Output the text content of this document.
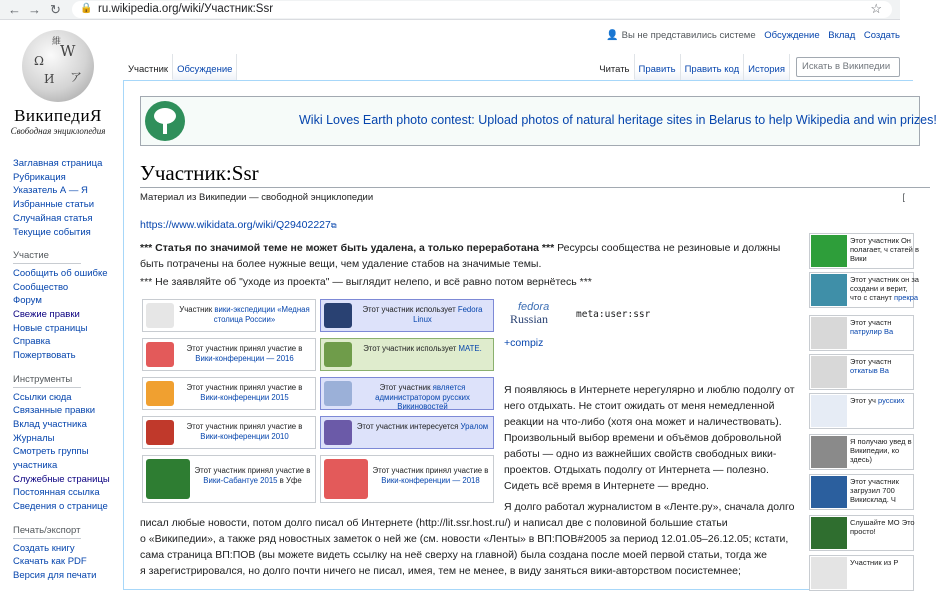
← → ↻ 🔒 ru.wikipedia.org/wiki/Участник:Ssr	☆
Ω
W
И ア
維
ВикипедиЯ
Свободная энциклопедия
Заглавная страница
Рубрикация
Указатель А — Я
Избранные статьи
Случайная статья
Текущие события
Участие
Сообщить об ошибке
Сообщество
Форум
Свежие правки
Новые страницы
Справка
Пожертвовать
Инструменты
Ссылки сюда
Связанные правки
Вклад участника
Журналы
Смотреть группы
участника
Служебные страницы
Постоянная ссылка
Сведения о странице
Печать/экспорт
Создать книгу
Скачать как PDF
Версия для печати
👤 Вы не представились системе Обсуждение Вклад Создать
Участник Обсуждение	Читать Править Править код История	Искать в Википедии
Wiki Loves Earth photo contest: Upload photos of natural heritage sites in Belarus to help Wikipedia and win prizes!
Участник:Ssr
Материал из Википедии — свободной энциклопедии	[
https://www.wikidata.org/wiki/Q29402227⧉
*** Статья по значимой теме не может быть удалена, а только переработана *** Ресурсы сообщества не резиновые и должны быть потрачены на более нужные вещи, чем удаление стабов на значимые темы.
*** Не заявляйте об "уходе из проекта" — выглядит нелепо, и всё равно потом вернётесь ***
Участник вики-экспедиции «Медная столица России»
Этот участник использует Fedora Linux
Этот участник принял участие в Вики-конференции — 2016
Этот участник использует MATE.
Этот участник принял участие в Вики-конференции 2015
Этот участник является администратором русских Викиновостей
Этот участник принял участие в Вики-конференции 2010
Этот участник интересуется Уралом
Этот участник принял участие в Вики-Сабантуе 2015 в Уфе
Этот участник принял участие в Вики-конференции — 2018
fedora
Russian	meta:user:ssr
+compiz
Я появляюсь в Интернете нерегулярно и люблю подолгу от
него отдыхать. Не стоит ожидать от меня немедленной
реакции на что-либо (хотя она может и наличествовать).
Произвольный выбор времени и объёмов добровольной
работы — одно из важнейших свойств свободных вики-
проектов. Отдыхать подолгу от Интернета — полезно.
Сидеть всё время в Интернете — вредно.
Я долго работал журналистом в «Ленте.ру», сначала долго
писал любые новости, потом долго писал об Интернете (http://lit.ssr.host.ru/) и написал две с половиной большие статьи
о «Википедии», а также ряд новостных заметок о ней же (см. новости «Ленты» в ВП:ПОВ#2005 за период 12.01.05–26.12.05; кстати,
сама страница ВП:ПОВ (вы можете видеть ссылку на неё сверху на главной) была создана после моей первой статьи, тогда же
я зарегистрировался, но долго почти ничего не писал, имея, тем не менее, в виду заняться вики-авторством посистемнее;
Этот участник Он полагает, ч статей в Вики
Этот участник он за создани и верит, что с станут прекра
Этот участн патрулир Ва
Этот участн откатыв Ва
Этот уч русских
Я получаю увед в Википедии, ко здесь)
Этот участник загрузил 700 Викисклад. Ч
Слушайте МО Это просто!
Участник из Р
